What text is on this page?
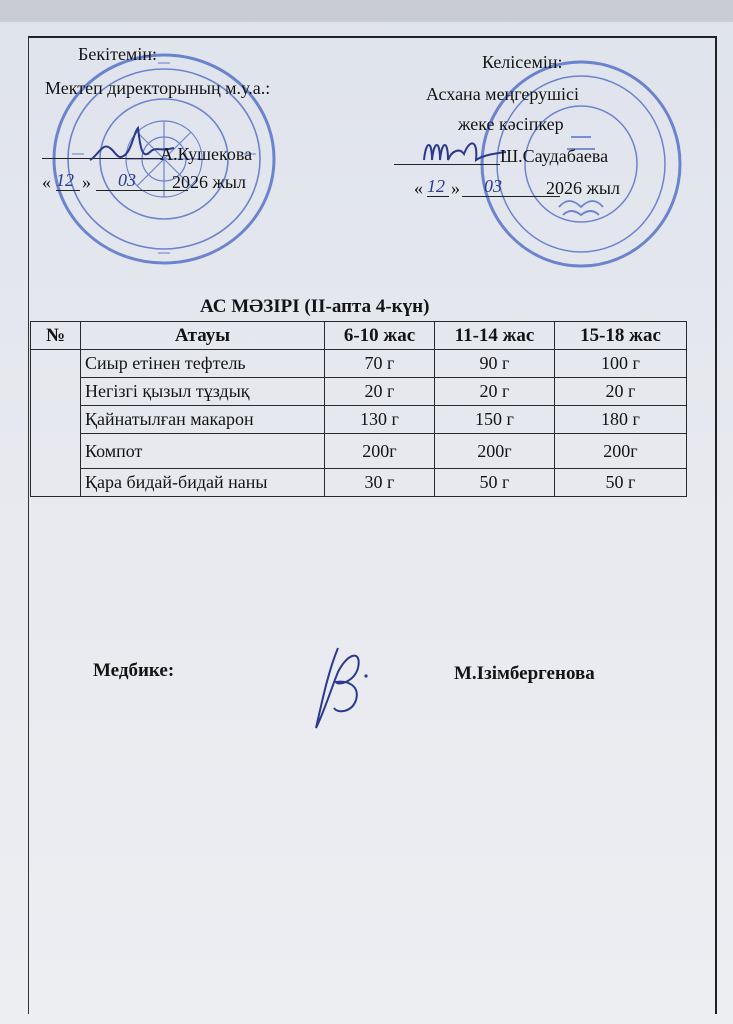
Бекітемін:
Мектеп директорының м.у.а.:
А.Кушекова
« 12 »	03	2026 жыл
Келісемін:
Асхана меңгерушісі
жеке кәсіпкер
Ш.Саудабаева
« 12 »	03	2026 жыл
АС МӘЗІРІ (ІІ-апта 4-күн)
№	Атауы	6-10 жас	11-14 жас	15-18 жас
	Сиыр етінен тефтель	70 г	90 г	100 г
	Негізгі қызыл тұздық	20 г	20 г	20 г
	Қайнатылған макарон	130 г	150 г	180 г
	Компот	200г	200г	200г
	Қара бидай-бидай наны	30 г	50 г	50 г
Медбике:	М.Ізімбергенова
